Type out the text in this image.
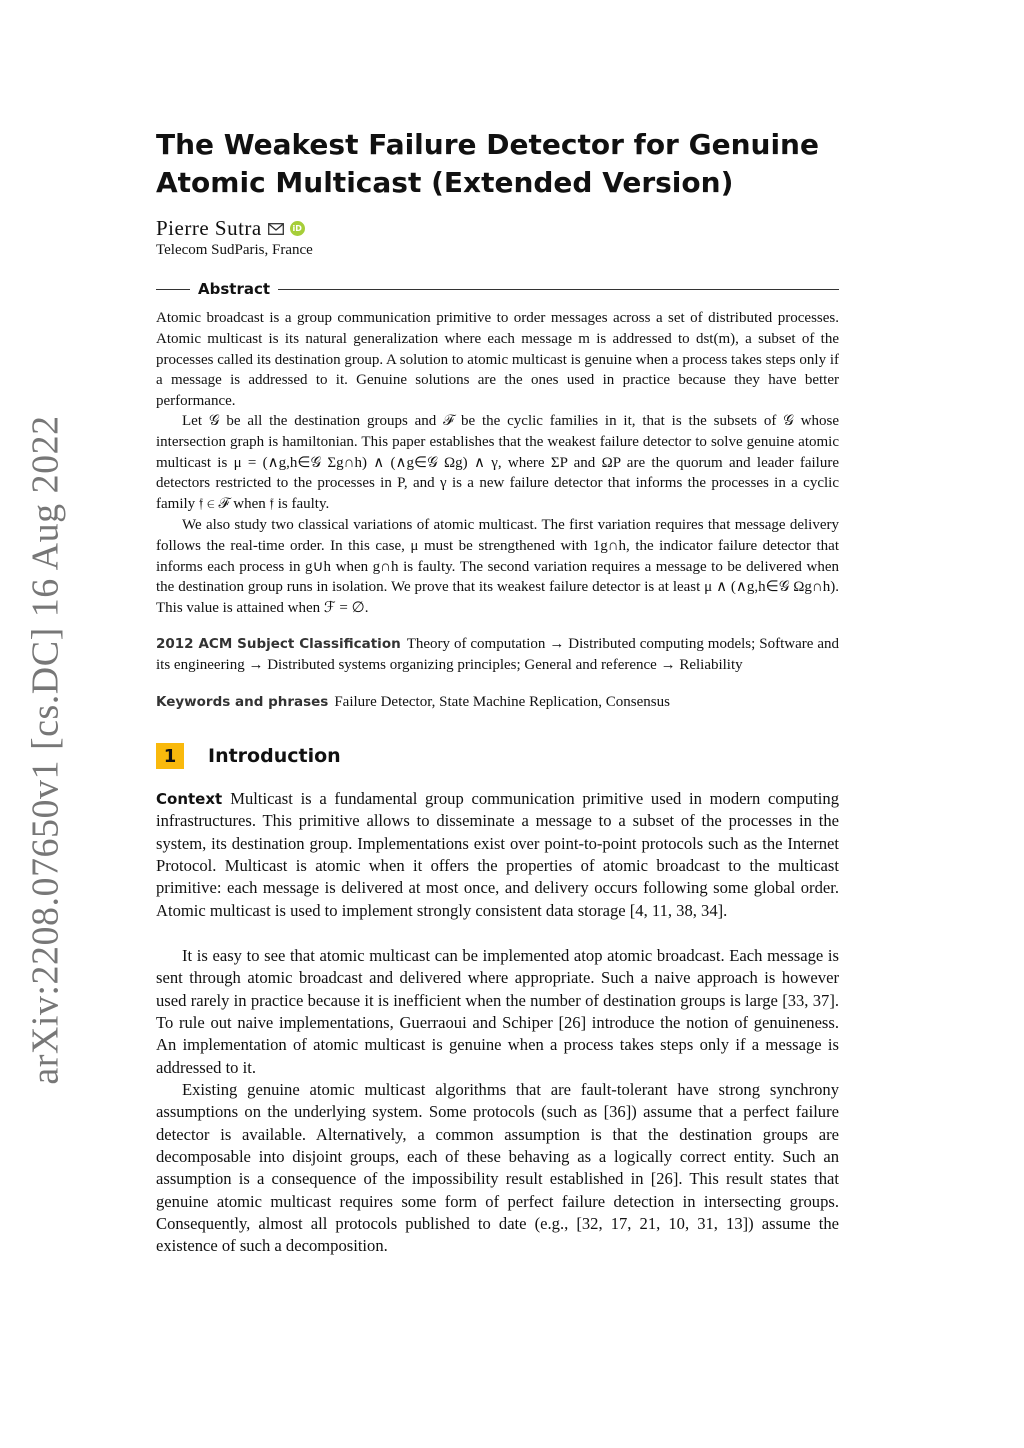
arXiv:2208.07650v1 [cs.DC] 16 Aug 2022
The Weakest Failure Detector for Genuine Atomic Multicast (Extended Version)
Pierre Sutra	iD
Telecom SudParis, France
Abstract

Atomic broadcast is a group communication primitive to order messages across a set of distributed processes. Atomic multicast is its natural generalization where each message m is addressed to dst(m), a subset of the processes called its destination group. A solution to atomic multicast is genuine when a process takes steps only if a message is addressed to it. Genuine solutions are the ones used in practice because they have better performance.

Let 𝒢 be all the destination groups and ℱ be the cyclic families in it, that is the subsets of 𝒢 whose intersection graph is hamiltonian. This paper establishes that the weakest failure detector to solve genuine atomic multicast is μ = (∧g,h∈𝒢 Σg∩h) ∧ (∧g∈𝒢 Ωg) ∧ γ, where ΣP and ΩP are the quorum and leader failure detectors restricted to the processes in P, and γ is a new failure detector that informs the processes in a cyclic family 𝔣 ∈ ℱ when 𝔣 is faulty.

We also study two classical variations of atomic multicast. The first variation requires that message delivery follows the real-time order. In this case, μ must be strengthened with 1g∩h, the indicator failure detector that informs each process in g∪h when g∩h is faulty. The second variation requires a message to be delivered when the destination group runs in isolation. We prove that its weakest failure detector is at least μ ∧ (∧g,h∈𝒢 Ωg∩h). This value is attained when ℱ = ∅.

2012 ACM Subject Classification Theory of computation → Distributed computing models; Software and its engineering → Distributed systems organizing principles; General and reference → Reliability

Keywords and phrases Failure Detector, State Machine Replication, Consensus

1	Introduction

Context Multicast is a fundamental group communication primitive used in modern computing infrastructures. This primitive allows to disseminate a message to a subset of the processes in the system, its destination group. Implementations exist over point-to-point protocols such as the Internet Protocol. Multicast is atomic when it offers the properties of atomic broadcast to the multicast primitive: each message is delivered at most once, and delivery occurs following some global order. Atomic multicast is used to implement strongly consistent data storage [4, 11, 38, 34].

It is easy to see that atomic multicast can be implemented atop atomic broadcast. Each message is sent through atomic broadcast and delivered where appropriate. Such a naive approach is however used rarely in practice because it is inefficient when the number of destination groups is large [33, 37]. To rule out naive implementations, Guerraoui and Schiper [26] introduce the notion of genuineness. An implementation of atomic multicast is genuine when a process takes steps only if a message is addressed to it.

Existing genuine atomic multicast algorithms that are fault-tolerant have strong synchrony assumptions on the underlying system. Some protocols (such as [36]) assume that a perfect failure detector is available. Alternatively, a common assumption is that the destination groups are decomposable into disjoint groups, each of these behaving as a logically correct entity. Such an assumption is a consequence of the impossibility result established in [26]. This result states that genuine atomic multicast requires some form of perfect failure detection in intersecting groups. Consequently, almost all protocols published to date (e.g., [32, 17, 21, 10, 31, 13]) assume the existence of such a decomposition.
